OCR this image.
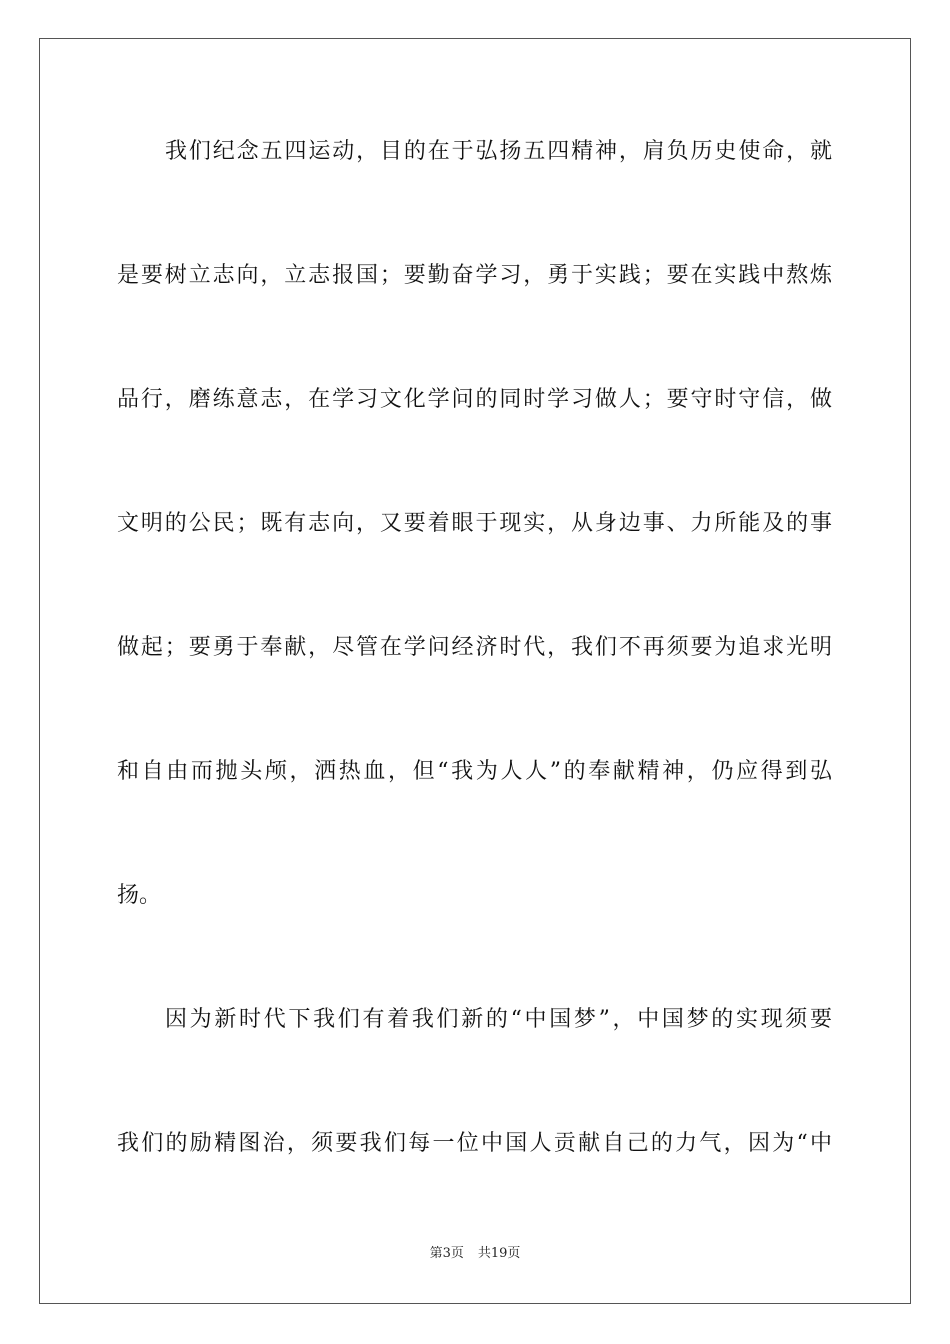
我们纪念五四运动，目的在于弘扬五四精神，肩负历史使命，就
是要树立志向，立志报国；要勤奋学习，勇于实践；要在实践中熬炼
品行，磨练意志，在学习文化学问的同时学习做人；要守时守信，做
文明的公民；既有志向，又要着眼于现实，从身边事、力所能及的事
做起；要勇于奉献，尽管在学问经济时代，我们不再须要为追求光明
和自由而抛头颅，洒热血，但“我为人人”的奉献精神，仍应得到弘
扬。
因为新时代下我们有着我们新的“中国梦”，中国梦的实现须要
我们的励精图治，须要我们每一位中国人贡献自己的力气，因为“中
第3页 共19页
